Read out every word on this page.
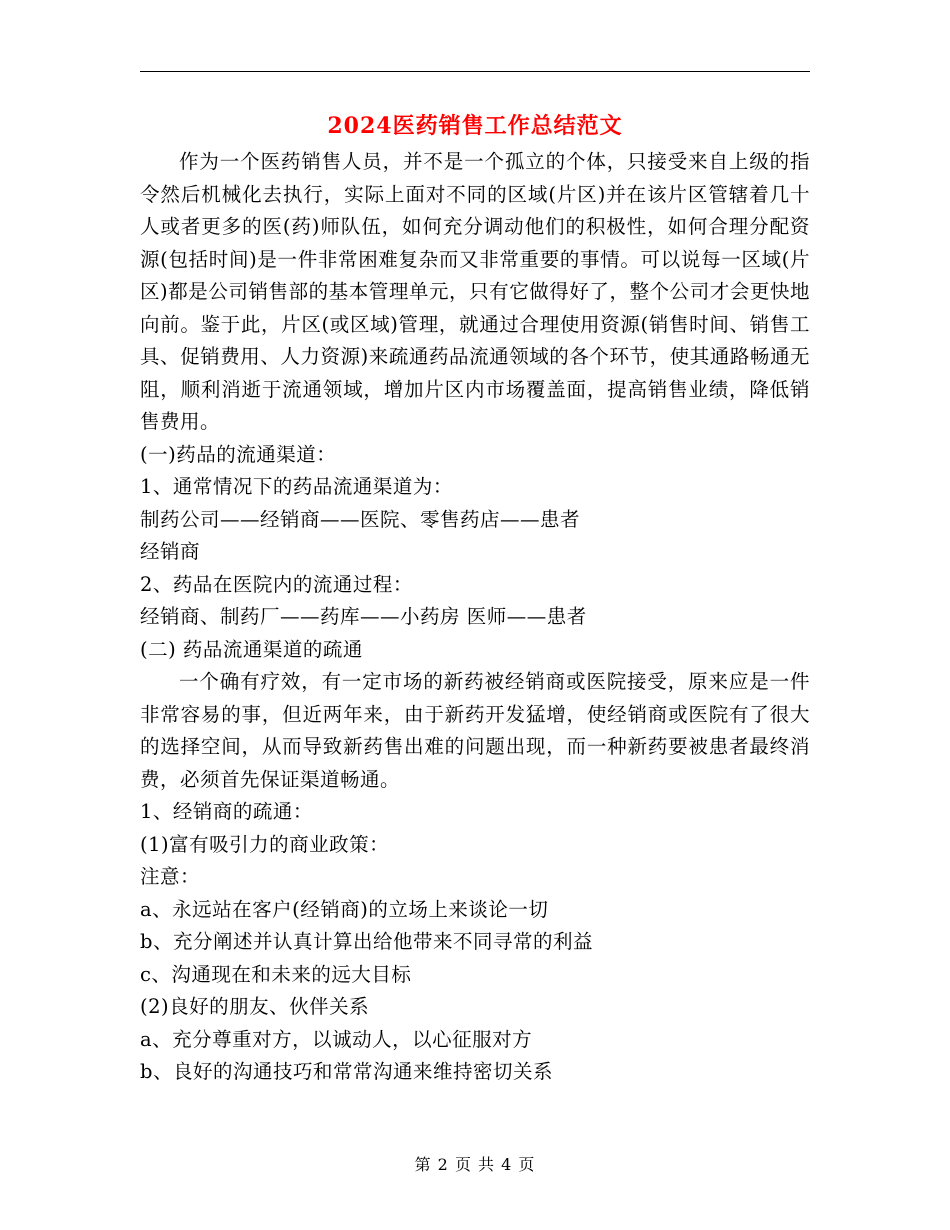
2024医药销售工作总结范文

作为一个医药销售人员，并不是一个孤立的个体，只接受来自上级的指令然后机械化去执行，实际上面对不同的区域(片区)并在该片区管辖着几十人或者更多的医(药)师队伍，如何充分调动他们的积极性，如何合理分配资源(包括时间)是一件非常困难复杂而又非常重要的事情。可以说每一区域(片区)都是公司销售部的基本管理单元，只有它做得好了，整个公司才会更快地向前。鉴于此，片区(或区域)管理，就通过合理使用资源(销售时间、销售工具、促销费用、人力资源)来疏通药品流通领域的各个环节，使其通路畅通无阻，顺利消逝于流通领域，增加片区内市场覆盖面，提高销售业绩，降低销售费用。

(一)药品的流通渠道：

1、通常情况下的药品流通渠道为：

制药公司——经销商——医院、零售药店——患者

经销商

2、药品在医院内的流通过程：

经销商、制药厂——药库——小药房 医师——患者

(二) 药品流通渠道的疏通

一个确有疗效，有一定市场的新药被经销商或医院接受，原来应是一件非常容易的事，但近两年来，由于新药开发猛增，使经销商或医院有了很大的选择空间，从而导致新药售出难的问题出现，而一种新药要被患者最终消费，必须首先保证渠道畅通。

1、经销商的疏通：

(1)富有吸引力的商业政策：

注意：

a、永远站在客户(经销商)的立场上来谈论一切

b、充分阐述并认真计算出给他带来不同寻常的利益

c、沟通现在和未来的远大目标

(2)良好的朋友、伙伴关系

a、充分尊重对方，以诚动人，以心征服对方

b、良好的沟通技巧和常常沟通来维持密切关系

第 2 页 共 4 页
